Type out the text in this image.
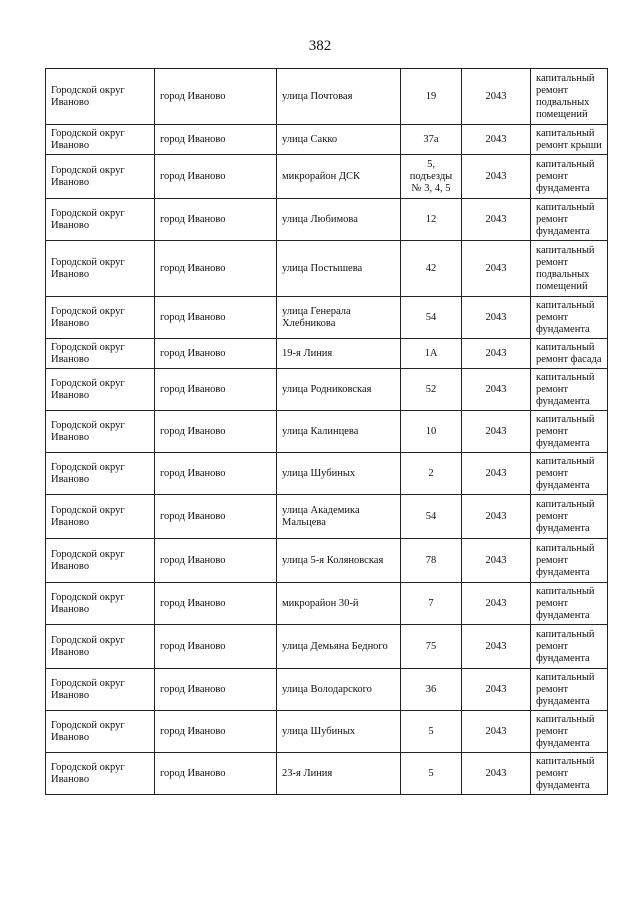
382
Городской округ Иваново	город Иваново	улица Почтовая	19	2043	капитальный ремонт подвальных помещений

Городской округ Иваново	город Иваново	улица Сакко	37а	2043	капитальный ремонт крыши

Городской округ Иваново	город Иваново	микрорайон ДСК	5, подъезды № 3, 4, 5	2043	капитальный ремонт фундамента

Городской округ Иваново	город Иваново	улица Любимова	12	2043	капитальный ремонт фундамента

Городской округ Иваново	город Иваново	улица Постышева	42	2043	капитальный ремонт подвальных помещений

Городской округ Иваново	город Иваново	улица Генерала Хлебникова	54	2043	капитальный ремонт фундамента

Городской округ Иваново	город Иваново	19-я Линия	1А	2043	капитальный ремонт фасада

Городской округ Иваново	город Иваново	улица Родниковская	52	2043	капитальный ремонт фундамента

Городской округ Иваново	город Иваново	улица Калинцева	10	2043	капитальный ремонт фундамента

Городской округ Иваново	город Иваново	улица Шубиных	2	2043	капитальный ремонт фундамента

Городской округ Иваново	город Иваново	улица Академика Мальцева	54	2043	капитальный ремонт фундамента

Городской округ Иваново	город Иваново	улица 5-я Коляновская	78	2043	капитальный ремонт фундамента

Городской округ Иваново	город Иваново	микрорайон 30-й	7	2043	капитальный ремонт фундамента

Городской округ Иваново	город Иваново	улица Демьяна Бедного	75	2043	капитальный ремонт фундамента

Городской округ Иваново	город Иваново	улица Володарского	36	2043	капитальный ремонт фундамента

Городской округ Иваново	город Иваново	улица Шубиных	5	2043	капитальный ремонт фундамента

Городской округ Иваново	город Иваново	23-я Линия	5	2043	капитальный ремонт фундамента
